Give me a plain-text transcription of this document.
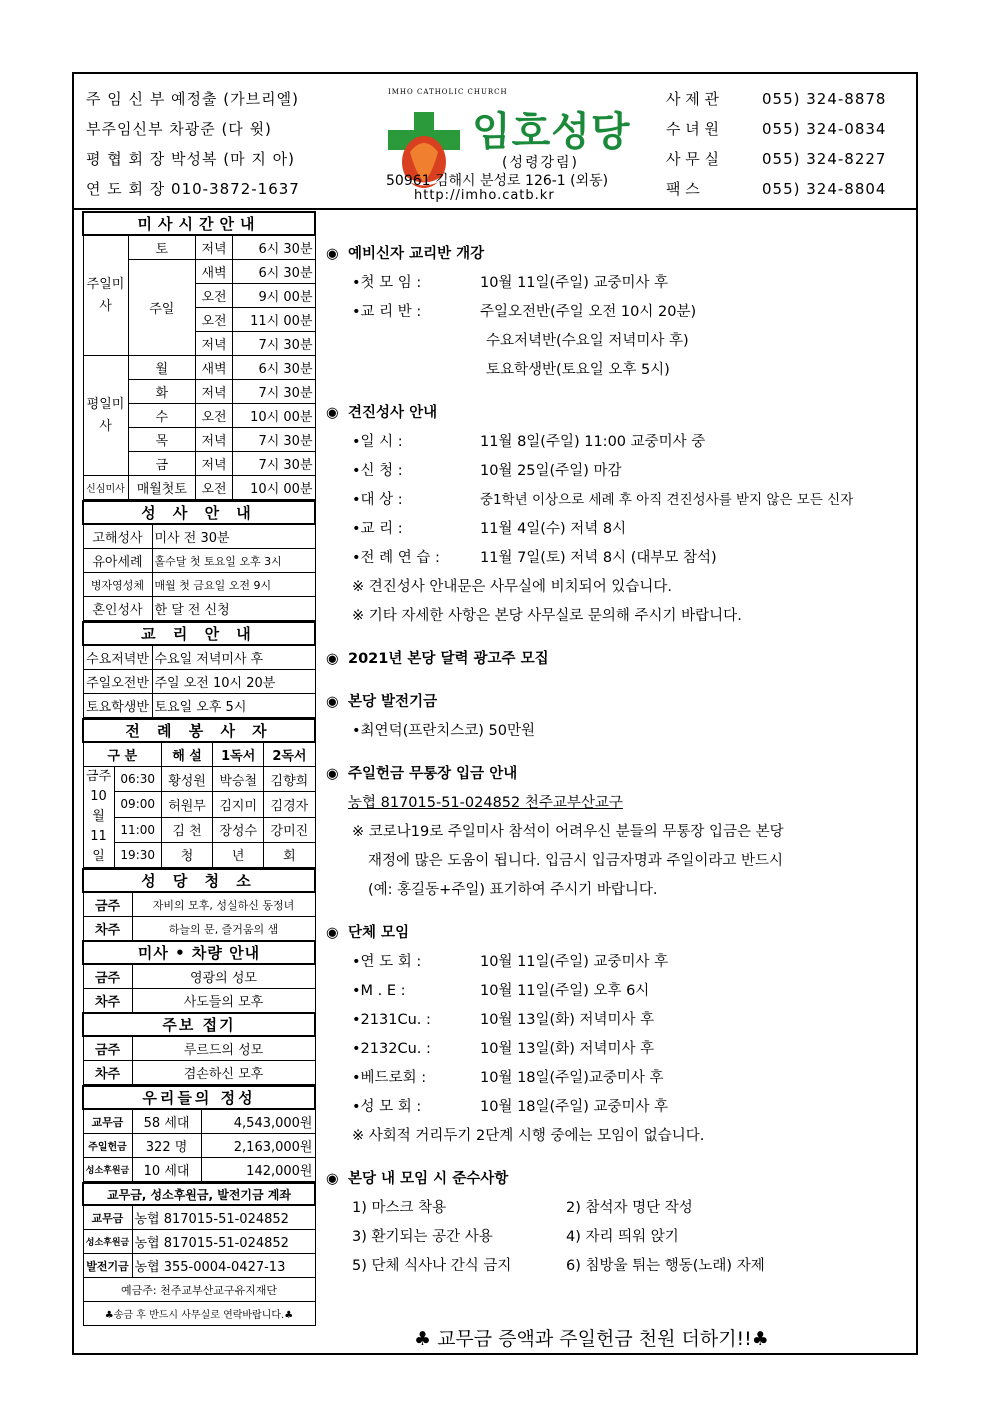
주 임 신 부 예정출 (가브리엘)
부주임신부 차광준 (다 윗)
평 협 회 장 박성복 (마 지 아)
연 도 회 장 010-3872-1637
IMHO CATHOLIC CHURCH
임호성당
(성령강림)
50961 김해시 분성로 126-1 (외동)
http://imho.catb.kr
사 제 관	055) 324-8878
수 녀 원	055) 324-0834
사 무 실	055) 324-8227
팩 스	055) 324-8804
미사시간안내			
주일미사	토	저녁	6시 30분
	주일	새벽	6시 30분
		오전	9시 00분
		오전	11시 00분
		저녁	7시 30분
평일미사	월	새벽	6시 30분
	화	저녁	7시 30분
	수	오전	10시 00분
	목	저녁	7시 30분
	금	저녁	7시 30분
신심미사	매월첫토	오전	10시 00분
성 사 안 내	
고해성사	미사 전 30분
유아세례	홀수달 첫 토요일 오후 3시
병자영성체	매월 첫 금요일 오전 9시
혼인성사	한 달 전 신청
교 리 안 내	
수요저녁반	수요일 저녁미사 후
주일오전반	주일 오전 10시 20분
토요학생반	토요일 오후 5시
전 례 봉 사 자				
구 분		해 설	1독서	2독서
금주 10월 11일	06:30	황성원	박승철	김향희
	09:00	허원무	김지미	김경자
	11:00	김 천	장성수	강미진
	19:30	청	년	회
성 당 청 소	
금주	자비의 모후, 성실하신 동정녀
차주	하늘의 문, 즐거움의 샘
미사 • 차량 안내	
금주	영광의 성모
차주	사도들의 모후
주보 접기	
금주	루르드의 성모
차주	겸손하신 모후
우리들의 정성		
교무금	58 세대	4,543,000원
주일헌금	322 명	2,163,000원
성소후원금	10 세대	142,000원
교무금, 성소후원금, 발전기금 계좌	
교무금	농협 817015-51-024852
성소후원금	농협 817015-51-024852
발전기금	농협 355-0004-0427-13
예금주: 천주교부산교구유지재단	
♣송금 후 반드시 사무실로 연락바랍니다.♣	
◉ 예비신자 교리반 개강
•첫 모 임 :	10월 11일(주일) 교중미사 후
•교 리 반 :	주일오전반(주일 오전 10시 20분)
수요저녁반(수요일 저녁미사 후)
토요학생반(토요일 오후 5시)
◉ 견진성사 안내
•일 시 :	11월 8일(주일) 11:00 교중미사 중
•신 청 :	10월 25일(주일) 마감
•대 상 :	중1학년 이상으로 세례 후 아직 견진성사를 받지 않은 모든 신자
•교 리 :	11월 4일(수) 저녁 8시
•전 례 연 습 :	11월 7일(토) 저녁 8시 (대부모 참석)
※ 견진성사 안내문은 사무실에 비치되어 있습니다.
※ 기타 자세한 사항은 본당 사무실로 문의해 주시기 바랍니다.
◉ 2021년 본당 달력 광고주 모집
◉ 본당 발전기금
•최연덕(프란치스코) 50만원
◉ 주일헌금 무통장 입금 안내
농협 817015-51-024852 천주교부산교구
※ 코로나19로 주일미사 참석이 어려우신 분들의 무통장 입금은 본당
재정에 많은 도움이 됩니다. 입금시 입금자명과 주일이라고 반드시
(예: 홍길동+주일) 표기하여 주시기 바랍니다.
◉ 단체 모임
•연 도 회 :	10월 11일(주일) 교중미사 후
•M . E :	10월 11일(주일) 오후 6시
•2131Cu. :	10월 13일(화) 저녁미사 후
•2132Cu. :	10월 13일(화) 저녁미사 후
•베드로회 :	10월 18일(주일)교중미사 후
•성 모 회 :	10월 18일(주일) 교중미사 후
※ 사회적 거리두기 2단계 시행 중에는 모임이 없습니다.
◉ 본당 내 모임 시 준수사항
1) 마스크 착용	2) 참석자 명단 작성
3) 환기되는 공간 사용	4) 자리 띄워 앉기
5) 단체 식사나 간식 금지	6) 침방울 튀는 행동(노래) 자제
♣ 교무금 증액과 주일헌금 천원 더하기!!♣
